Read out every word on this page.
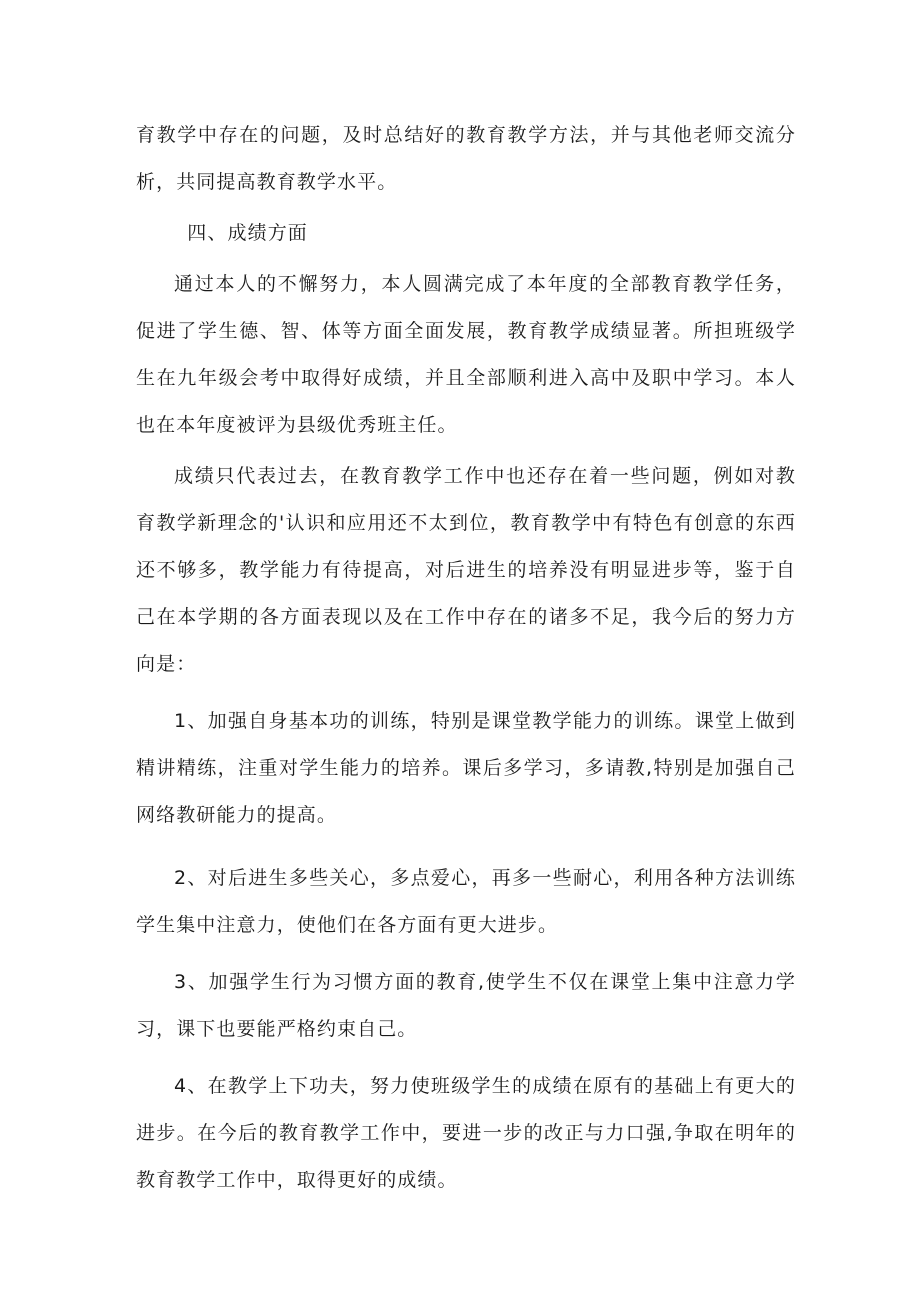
育教学中存在的问题，及时总结好的教育教学方法，并与其他老师交流分析，共同提高教育教学水平。

四、成绩方面

通过本人的不懈努力，本人圆满完成了本年度的全部教育教学任务，促进了学生德、智、体等方面全面发展，教育教学成绩显著。所担班级学生在九年级会考中取得好成绩，并且全部顺利进入高中及职中学习。本人也在本年度被评为县级优秀班主任。

成绩只代表过去，在教育教学工作中也还存在着一些问题，例如对教育教学新理念的'认识和应用还不太到位，教育教学中有特色有创意的东西还不够多，教学能力有待提高，对后进生的培养没有明显进步等，鉴于自己在本学期的各方面表现以及在工作中存在的诸多不足，我今后的努力方向是：

1、加强自身基本功的训练，特别是课堂教学能力的训练。课堂上做到精讲精练，注重对学生能力的培养。课后多学习，多请教,特别是加强自己网络教研能力的提高。

2、对后进生多些关心，多点爱心，再多一些耐心，利用各种方法训练学生集中注意力，使他们在各方面有更大进步。

3、加强学生行为习惯方面的教育,使学生不仅在课堂上集中注意力学习，课下也要能严格约束自己。

4、在教学上下功夫，努力使班级学生的成绩在原有的基础上有更大的进步。在今后的教育教学工作中，要进一步的改正与力口强,争取在明年的教育教学工作中，取得更好的成绩。
